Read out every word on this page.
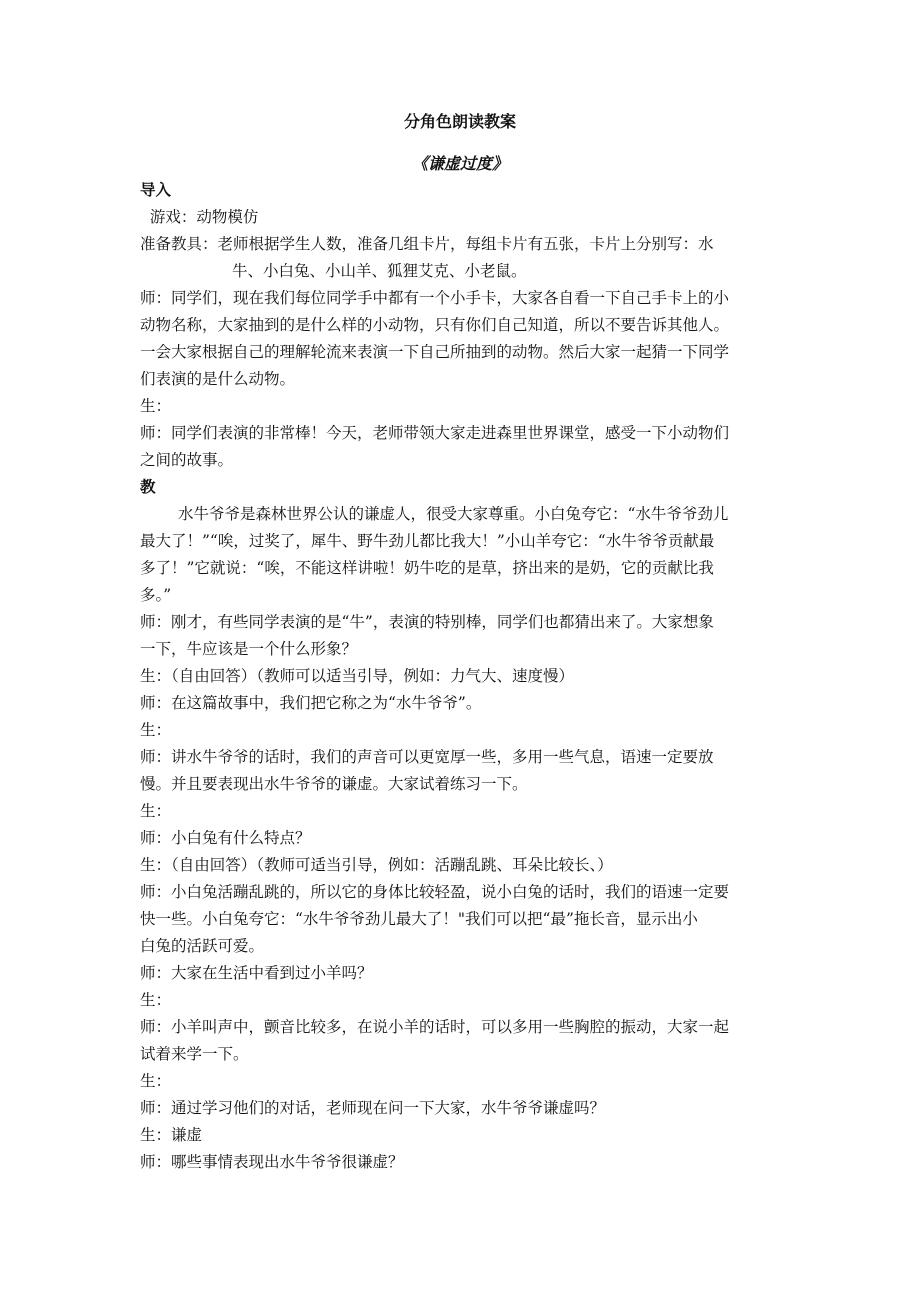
分角色朗读教案
《谦虚过度》
导入
游戏：动物模仿
准备教具：老师根据学生人数，准备几组卡片，每组卡片有五张，卡片上分别写：水
牛、小白兔、小山羊、狐狸艾克、小老鼠。
师：同学们，现在我们每位同学手中都有一个小手卡，大家各自看一下自己手卡上的小
动物名称，大家抽到的是什么样的小动物，只有你们自己知道，所以不要告诉其他人。
一会大家根据自己的理解轮流来表演一下自己所抽到的动物。然后大家一起猜一下同学
们表演的是什么动物。
生：
师：同学们表演的非常棒！今天，老师带领大家走进森里世界课堂，感受一下小动物们
之间的故事。
教
水牛爷爷是森林世界公认的谦虚人，很受大家尊重。小白兔夸它：“水牛爷爷劲儿
最大了！”“唉，过奖了，犀牛、野牛劲儿都比我大！”小山羊夸它：“水牛爷爷贡献最
多了！”它就说：“唉，不能这样讲啦！奶牛吃的是草，挤出来的是奶，它的贡献比我
多。”
师：刚才，有些同学表演的是“牛”，表演的特别棒，同学们也都猜出来了。大家想象
一下，牛应该是一个什么形象？
生：（自由回答）（教师可以适当引导，例如：力气大、速度慢）
师：在这篇故事中，我们把它称之为“水牛爷爷”。
生：
师：讲水牛爷爷的话时，我们的声音可以更宽厚一些，多用一些气息，语速一定要放
慢。并且要表现出水牛爷爷的谦虚。大家试着练习一下。
生：
师：小白兔有什么特点？
生：（自由回答）（教师可适当引导，例如：活蹦乱跳、耳朵比较长、）
师：小白兔活蹦乱跳的，所以它的身体比较轻盈，说小白兔的话时，我们的语速一定要
快一些。小白兔夸它：“水牛爷爷劲儿最大了！"我们可以把“最”拖长音，显示出小
白兔的活跃可爱。
师：大家在生活中看到过小羊吗？
生：
师：小羊叫声中，颤音比较多，在说小羊的话时，可以多用一些胸腔的振动，大家一起
试着来学一下。
生：
师：通过学习他们的对话，老师现在问一下大家，水牛爷爷谦虚吗？
生：谦虚
师：哪些事情表现出水牛爷爷很谦虚？
